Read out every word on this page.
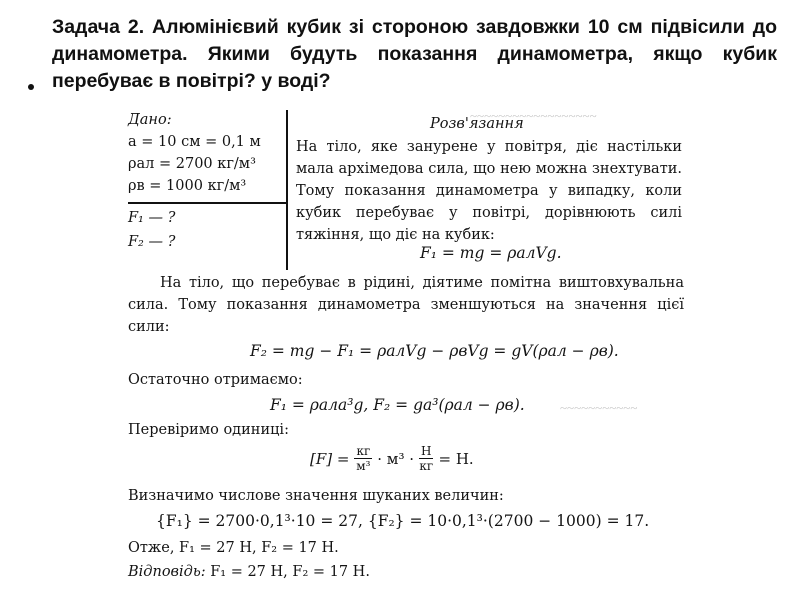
~~~~~~~~~~~~~~~~~~
~~~~~~~~~~~
Задача 2. Алюмінієвий кубик зі стороною завдовжки 10 см підвісили до динамометра. Якими будуть показання динамометра, якщо кубик перебуває в повітрі? у воді?
Дано:
a = 10 см = 0,1 м
ρал = 2700 кг/м³
ρв = 1000 кг/м³
F₁ — ?
F₂ — ?
Розв'язання
На тіло, яке занурене у повітря, діє настільки мала архімедова сила, що нею можна знехтувати. Тому показання динамометра у випадку, коли кубик перебуває у повітрі, дорівнюють силі тяжіння, що діє на кубик:
F₁ = mg = ρалVg.
На тіло, що перебуває в рідині, діятиме помітна виштовхувальна сила. Тому показання динамометра зменшуються на значення цієї сили:
F₂ = mg − F₁ = ρалVg − ρвVg = gV(ρал − ρв).
Остаточно отримаємо:
F₁ = ρалa³g, F₂ = ga³(ρал − ρв).
Перевіримо одиниці:
[F] = кг
м³ · м³ · Н
кг = Н.
Визначимо числове значення шуканих величин:
{F₁} = 2700·0,1³·10 = 27, {F₂} = 10·0,1³·(2700 − 1000) = 17.
Отже, F₁ = 27 Н, F₂ = 17 Н.
Відповідь: F₁ = 27 Н, F₂ = 17 Н.
